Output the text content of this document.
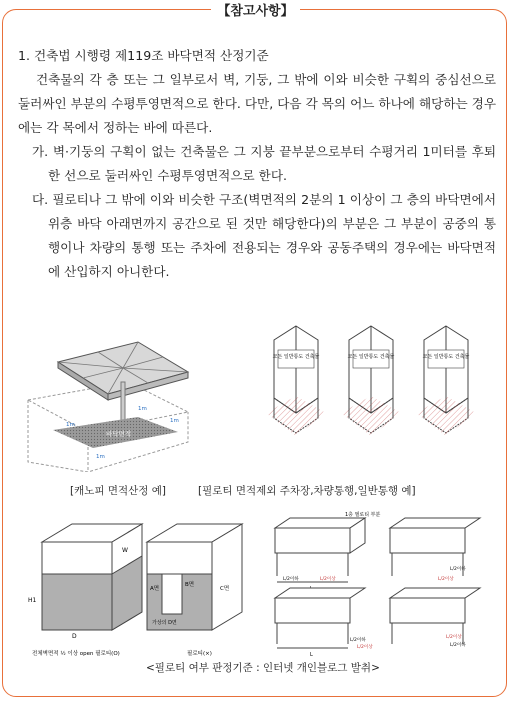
【참고사항】
1. 건축법 시행령 제119조 바닥면적 산정기준
건축물의 각 층 또는 그 일부로서 벽, 기둥, 그 밖에 이와 비슷한 구획의 중심선으로 둘러싸인 부분의 수평투영면적으로 한다. 다만, 다음 각 목의 어느 하나에 해당하는 경우에는 각 목에서 정하는 바에 따른다.
가. 벽·기둥의 구획이 없는 건축물은 그 지붕 끝부분으로부터 수평거리 1미터를 후퇴한 선으로 둘러싸인 수평투영면적으로 한다.
다. 필로티나 그 밖에 이와 비슷한 구조(벽면적의 2분의 1 이상이 그 층의 바닥면에서 위층 바닥 아래면까지 공간으로 된 것만 해당한다)의 부분은 그 부분이 공중의 통행이나 차량의 통행 또는 주차에 전용되는 경우와 공동주택의 경우에는 바닥면적에 산입하지 아니한다.
바닥면적
1m
1m
1m
1m
모든 일반통도 건축물	모든 일반통도 건축물	모든 일반통도 건축물
[캐노피 면적산정 예]	[필로티 면적제외 주차장,차량통행,일반통행 예]
W
H1
D
A면
B면
C면
가상의 D면
전체벽면적 ½ 이상 open 필로티(O)	필로티(×)
1층 필로티 부분
L/2이하	L/2이상
L/2이하
L/2이상
L
L/2이하
L/2이상
L/2이상
L/2이하
<필로티 여부 판정기준 : 인터넷 개인블로그 발취>
